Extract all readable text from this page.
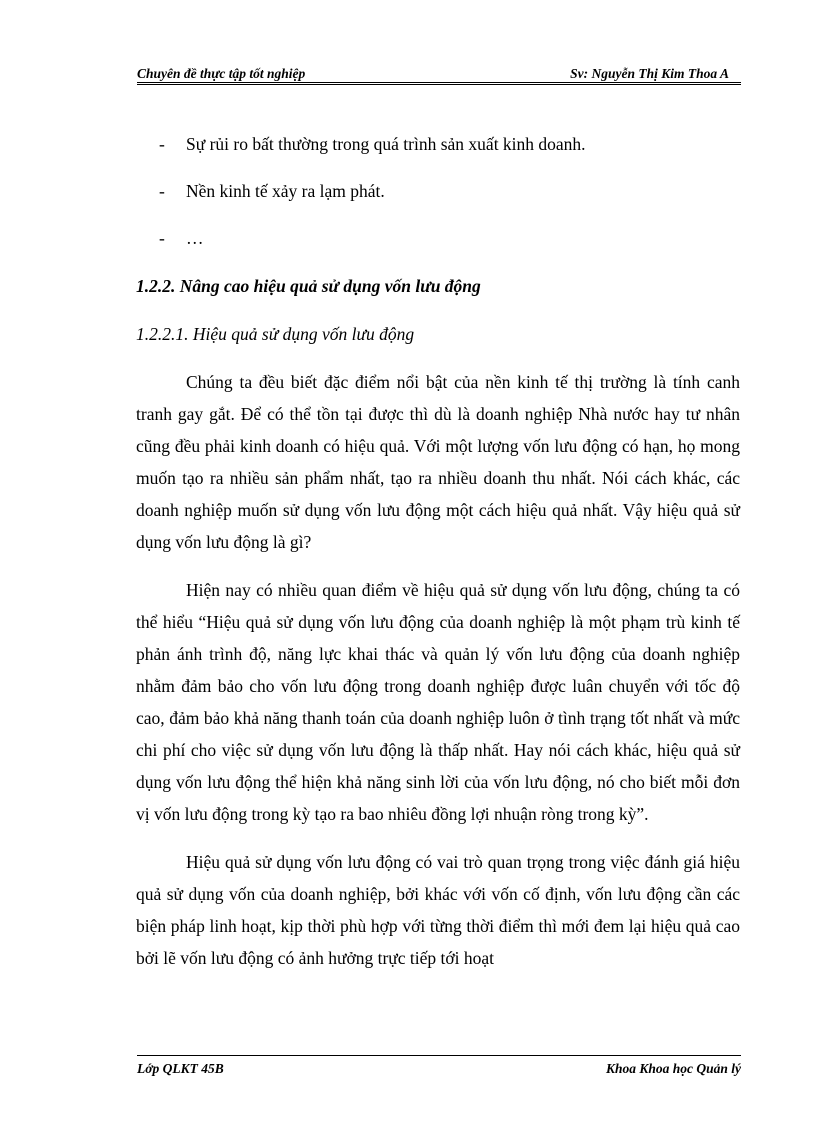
Chuyên đề thực tập tốt nghiệp	Sv: Nguyễn Thị Kim Thoa A
- Sự rủi ro bất thường trong quá trình sản xuất kinh doanh.
- Nền kinh tế xảy ra lạm phát.
- …
1.2.2. Nâng cao hiệu quả sử dụng vốn lưu động
1.2.2.1. Hiệu quả sử dụng vốn lưu động

Chúng ta đều biết đặc điểm nổi bật của nền kinh tế thị trường là tính canh tranh gay gắt. Để có thể tồn tại được thì dù là doanh nghiệp Nhà nước hay tư nhân cũng đều phải kinh doanh có hiệu quả. Với một lượng vốn lưu động có hạn, họ mong muốn tạo ra nhiều sản phẩm nhất, tạo ra nhiều doanh thu nhất. Nói cách khác, các doanh nghiệp muốn sử dụng vốn lưu động một cách hiệu quả nhất. Vậy hiệu quả sử dụng vốn lưu động là gì?

Hiện nay có nhiều quan điểm về hiệu quả sử dụng vốn lưu động, chúng ta có thể hiểu “Hiệu quả sử dụng vốn lưu động của doanh nghiệp là một phạm trù kinh tế phản ánh trình độ, năng lực khai thác và quản lý vốn lưu động của doanh nghiệp nhằm đảm bảo cho vốn lưu động trong doanh nghiệp được luân chuyển với tốc độ cao, đảm bảo khả năng thanh toán của doanh nghiệp luôn ở tình trạng tốt nhất và mức chi phí cho việc sử dụng vốn lưu động là thấp nhất. Hay nói cách khác, hiệu quả sử dụng vốn lưu động thể hiện khả năng sinh lời của vốn lưu động, nó cho biết mỗi đơn vị vốn lưu động trong kỳ tạo ra bao nhiêu đồng lợi nhuận ròng trong kỳ”.

Hiệu quả sử dụng vốn lưu động có vai trò quan trọng trong việc đánh giá hiệu quả sử dụng vốn của doanh nghiệp, bởi khác với vốn cố định, vốn lưu động cần các biện pháp linh hoạt, kịp thời phù hợp với từng thời điểm thì mới đem lại hiệu quả cao bởi lẽ vốn lưu động có ảnh hưởng trực tiếp tới hoạt

Lớp QLKT 45B	Khoa Khoa học Quản lý
